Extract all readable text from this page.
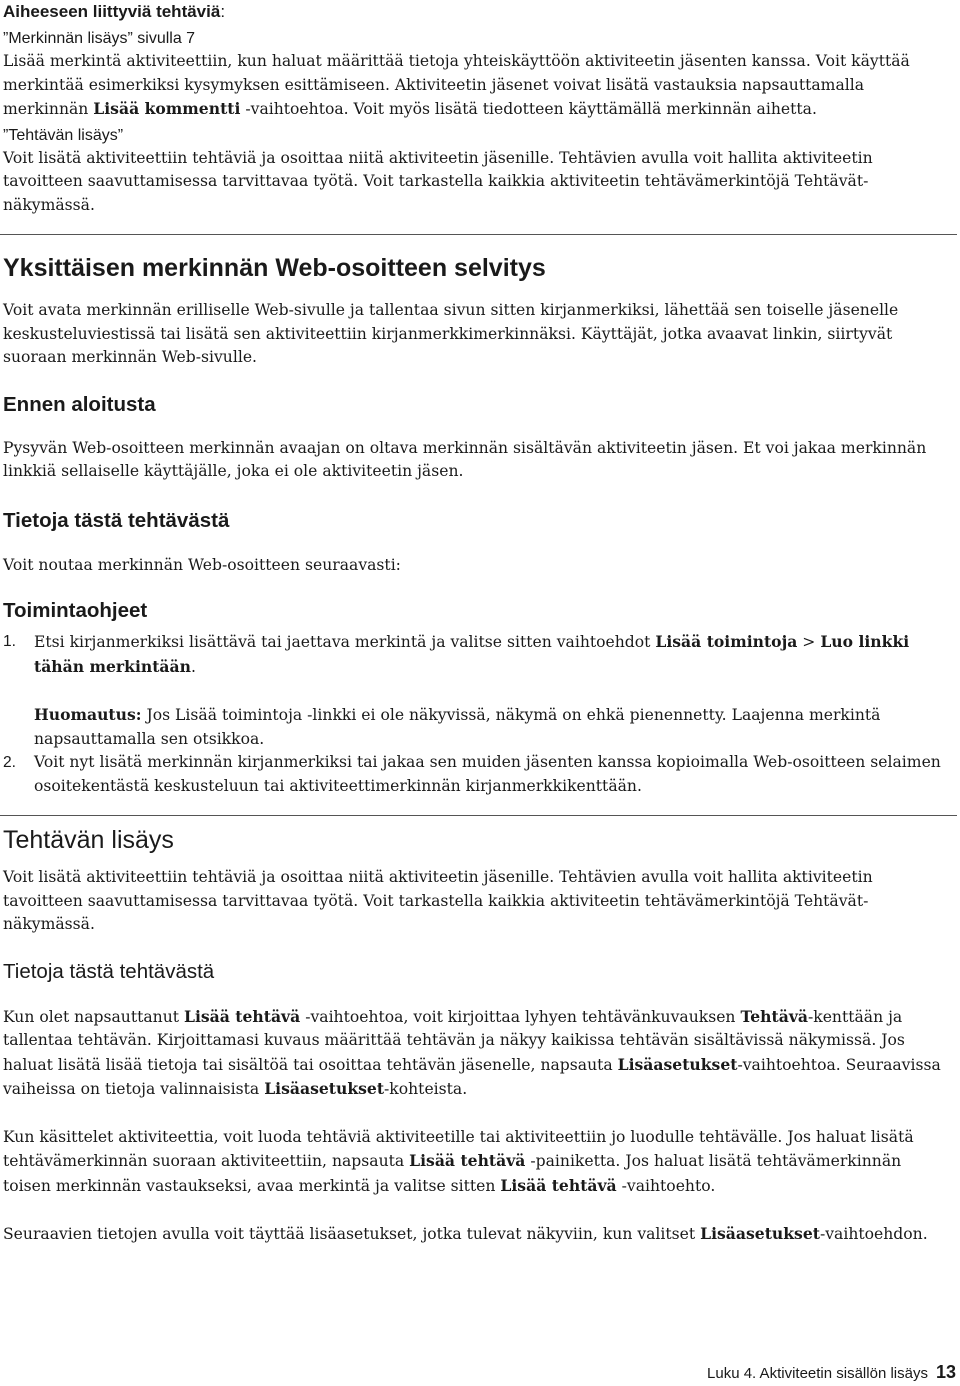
Aiheeseen liittyviä tehtäviä:
”Merkinnän lisäys” sivulla 7

Lisää merkintä aktiviteettiin, kun haluat määrittää tietoja yhteiskäyttöön aktiviteetin jäsenten kanssa. Voit käyttää merkintää esimerkiksi kysymyksen esittämiseen. Aktiviteetin jäsenet voivat lisätä vastauksia napsauttamalla merkinnän Lisää kommentti -vaihtoehtoa. Voit myös lisätä tiedotteen käyttämällä merkinnän aihetta.

”Tehtävän lisäys”

Voit lisätä aktiviteettiin tehtäviä ja osoittaa niitä aktiviteetin jäsenille. Tehtävien avulla voit hallita aktiviteetin tavoitteen saavuttamisessa tarvittavaa työtä. Voit tarkastella kaikkia aktiviteetin tehtävämerkintöjä Tehtävät-näkymässä.

Yksittäisen merkinnän Web-osoitteen selvitys

Voit avata merkinnän erilliselle Web-sivulle ja tallentaa sivun sitten kirjanmerkiksi, lähettää sen toiselle jäsenelle keskusteluviestissä tai lisätä sen aktiviteettiin kirjanmerkkimerkinnäksi. Käyttäjät, jotka avaavat linkin, siirtyvät suoraan merkinnän Web-sivulle.

Ennen aloitusta

Pysyvän Web-osoitteen merkinnän avaajan on oltava merkinnän sisältävän aktiviteetin jäsen. Et voi jakaa merkinnän linkkiä sellaiselle käyttäjälle, joka ei ole aktiviteetin jäsen.

Tietoja tästä tehtävästä

Voit noutaa merkinnän Web-osoitteen seuraavasti:

Toimintaohjeet
1. Etsi kirjanmerkiksi lisättävä tai jaettava merkintä ja valitse sitten vaihtoehdot Lisää toimintoja > Luo linkki tähän merkintään.

Huomautus: Jos Lisää toimintoja -linkki ei ole näkyvissä, näkymä on ehkä pienennetty. Laajenna merkintä napsauttamalla sen otsikkoa.

2. Voit nyt lisätä merkinnän kirjanmerkiksi tai jakaa sen muiden jäsenten kanssa kopioimalla Web-osoitteen selaimen osoitekentästä keskusteluun tai aktiviteettimerkinnän kirjanmerkkikenttään.

Tehtävän lisäys

Voit lisätä aktiviteettiin tehtäviä ja osoittaa niitä aktiviteetin jäsenille. Tehtävien avulla voit hallita aktiviteetin tavoitteen saavuttamisessa tarvittavaa työtä. Voit tarkastella kaikkia aktiviteetin tehtävämerkintöjä Tehtävät-näkymässä.

Tietoja tästä tehtävästä

Kun olet napsauttanut Lisää tehtävä -vaihtoehtoa, voit kirjoittaa lyhyen tehtävänkuvauksen Tehtävä-kenttään ja tallentaa tehtävän. Kirjoittamasi kuvaus määrittää tehtävän ja näkyy kaikissa tehtävän sisältävissä näkymissä. Jos haluat lisätä lisää tietoja tai sisältöä tai osoittaa tehtävän jäsenelle, napsauta Lisäasetukset-vaihtoehtoa. Seuraavissa vaiheissa on tietoja valinnaisista Lisäasetukset-kohteista.

Kun käsittelet aktiviteettia, voit luoda tehtäviä aktiviteetille tai aktiviteettiin jo luodulle tehtävälle. Jos haluat lisätä tehtävämerkinnän suoraan aktiviteettiin, napsauta Lisää tehtävä -painiketta. Jos haluat lisätä tehtävämerkinnän toisen merkinnän vastaukseksi, avaa merkintä ja valitse sitten Lisää tehtävä -vaihtoehto.

Seuraavien tietojen avulla voit täyttää lisäasetukset, jotka tulevat näkyviin, kun valitset Lisäasetukset-vaihtoehdon.

Luku 4. Aktiviteetin sisällön lisäys 13
